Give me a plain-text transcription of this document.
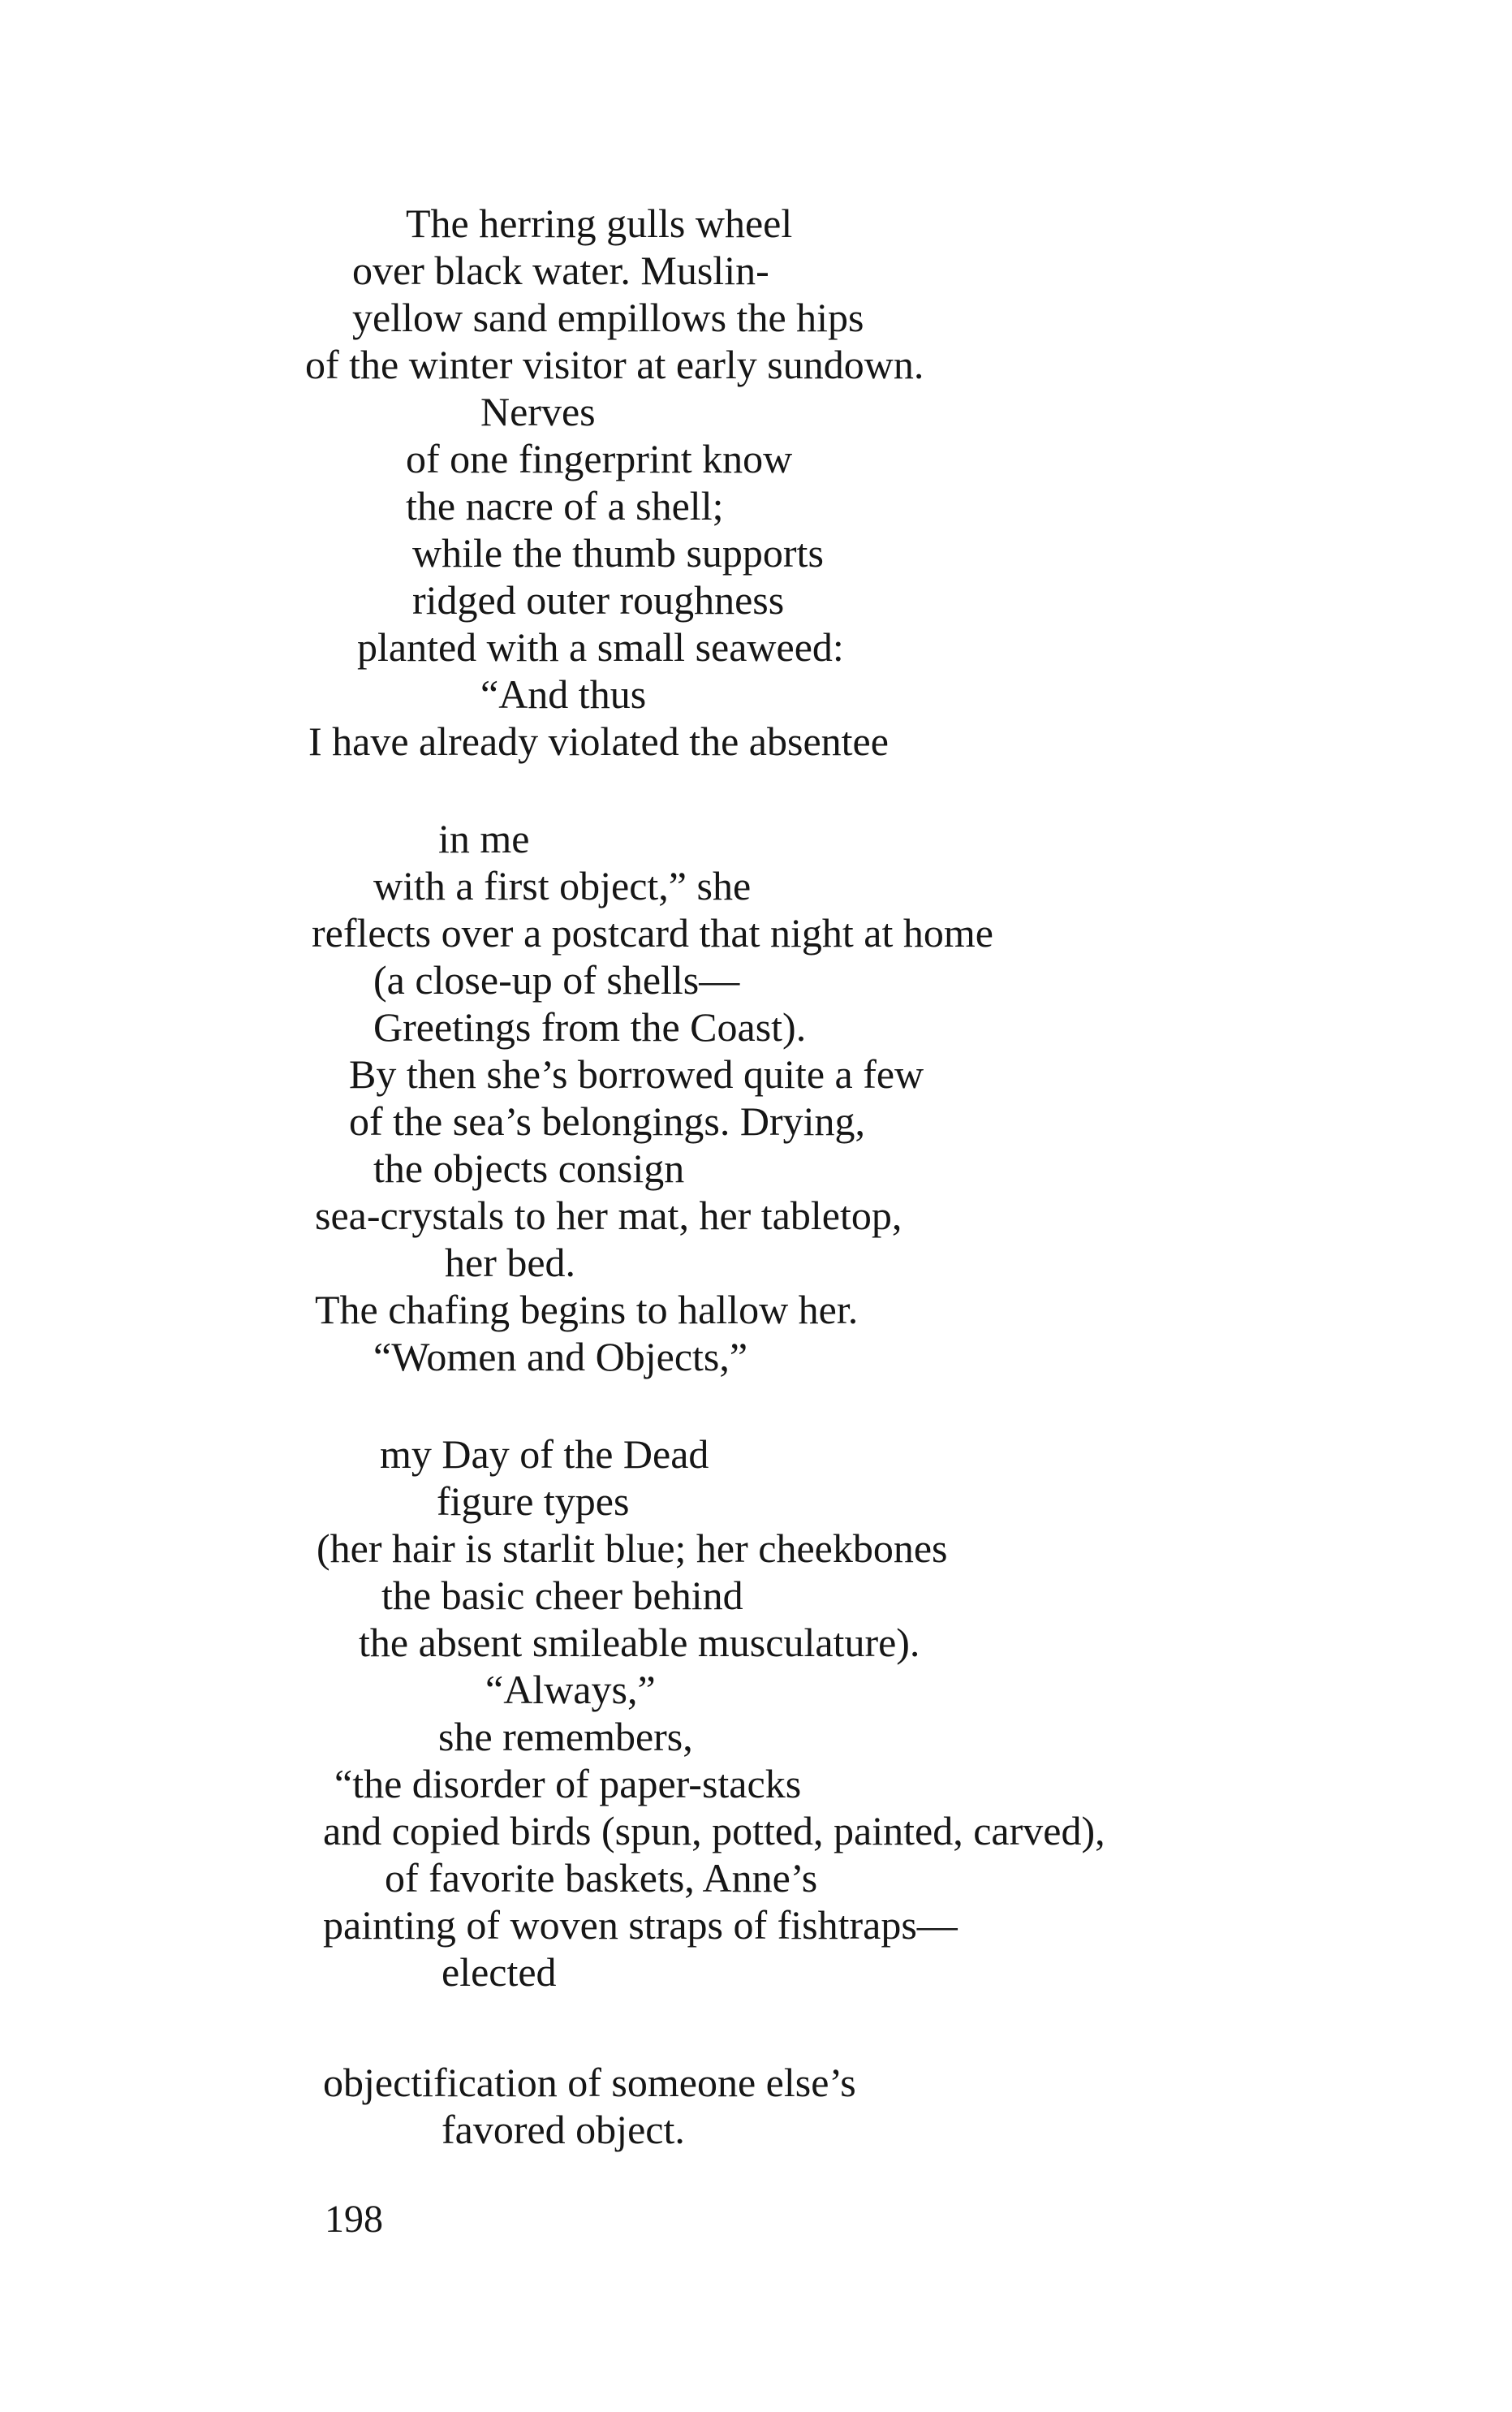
The herring gulls wheel
over black water. Muslin-
yellow sand empillows the hips
of the winter visitor at early sundown.
Nerves
of one fingerprint know
the nacre of a shell;
while the thumb supports
ridged outer roughness
planted with a small seaweed:
“And thus
I have already violated the absentee
in me
with a first object,” she
reflects over a postcard that night at home
(a close-up of shells—
Greetings from the Coast).
By then she’s borrowed quite a few
of the sea’s belongings. Drying,
the objects consign
sea-crystals to her mat, her tabletop,
her bed.
The chafing begins to hallow her.
“Women and Objects,”
my Day of the Dead
figure types
(her hair is starlit blue; her cheekbones
the basic cheer behind
the absent smileable musculature).
“Always,”
she remembers,
“the disorder of paper-stacks
and copied birds (spun, potted, painted, carved),
of favorite baskets, Anne’s
painting of woven straps of fishtraps—
elected
objectification of someone else’s
favored object.
198
